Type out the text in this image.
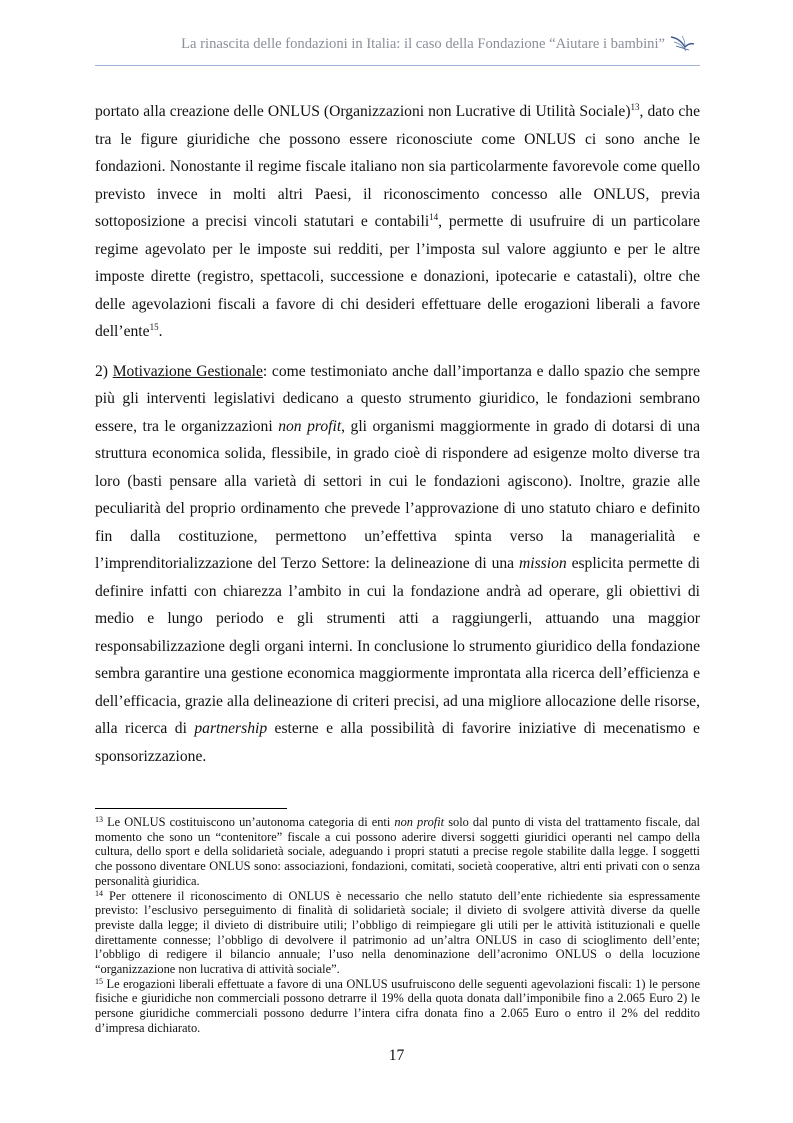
La rinascita delle fondazioni in Italia: il caso della Fondazione “Aiutare i bambini”

portato alla creazione delle ONLUS (Organizzazioni non Lucrative di Utilità Sociale)$^{13}$, dato che tra le figure giuridiche che possono essere riconosciute come ONLUS ci sono anche le fondazioni. Nonostante il regime fiscale italiano non sia particolarmente favorevole come quello previsto invece in molti altri Paesi, il riconoscimento concesso alle ONLUS, previa sottoposizione a precisi vincoli statutari e contabili$^{14}$, permette di usufruire di un particolare regime agevolato per le imposte sui redditi, per l’imposta sul valore aggiunto e per le altre imposte dirette (registro, spettacoli, successione e donazioni, ipotecarie e catastali), oltre che delle agevolazioni fiscali a favore di chi desideri effettuare delle erogazioni liberali a favore dell’ente$^{15}$.

2) Motivazione Gestionale: come testimoniato anche dall’importanza e dallo spazio che sempre più gli interventi legislativi dedicano a questo strumento giuridico, le fondazioni sembrano essere, tra le organizzazioni non profit, gli organismi maggiormente in grado di dotarsi di una struttura economica solida, flessibile, in grado cioè di rispondere ad esigenze molto diverse tra loro (basti pensare alla varietà di settori in cui le fondazioni agiscono). Inoltre, grazie alle peculiarità del proprio ordinamento che prevede l’approvazione di uno statuto chiaro e definito fin dalla costituzione, permettono un’effettiva spinta verso la managerialità e l’imprenditorializzazione del Terzo Settore: la delineazione di una mission esplicita permette di definire infatti con chiarezza l’ambito in cui la fondazione andrà ad operare, gli obiettivi di medio e lungo periodo e gli strumenti atti a raggiungerli, attuando una maggior responsabilizzazione degli organi interni. In conclusione lo strumento giuridico della fondazione sembra garantire una gestione economica maggiormente improntata alla ricerca dell’efficienza e dell’efficacia, grazie alla delineazione di criteri precisi, ad una migliore allocazione delle risorse, alla ricerca di partnership esterne e alla possibilità di favorire iniziative di mecenatismo e sponsorizzazione.

$^{13}$ Le ONLUS costituiscono un’autonoma categoria di enti non profit solo dal punto di vista del trattamento fiscale, dal momento che sono un “contenitore” fiscale a cui possono aderire diversi soggetti giuridici operanti nel campo della cultura, dello sport e della solidarietà sociale, adeguando i propri statuti a precise regole stabilite dalla legge. I soggetti che possono diventare ONLUS sono: associazioni, fondazioni, comitati, società cooperative, altri enti privati con o senza personalità giuridica.

$^{14}$ Per ottenere il riconoscimento di ONLUS è necessario che nello statuto dell’ente richiedente sia espressamente previsto: l’esclusivo perseguimento di finalità di solidarietà sociale; il divieto di svolgere attività diverse da quelle previste dalla legge; il divieto di distribuire utili; l’obbligo di reimpiegare gli utili per le attività istituzionali e quelle direttamente connesse; l’obbligo di devolvere il patrimonio ad un’altra ONLUS in caso di scioglimento dell’ente; l’obbligo di redigere il bilancio annuale; l’uso nella denominazione dell’acronimo ONLUS o della locuzione “organizzazione non lucrativa di attività sociale”.

$^{15}$ Le erogazioni liberali effettuate a favore di una ONLUS usufruiscono delle seguenti agevolazioni fiscali: 1) le persone fisiche e giuridiche non commerciali possono detrarre il 19% della quota donata dall’imponibile fino a 2.065 Euro 2) le persone giuridiche commerciali possono dedurre l’intera cifra donata fino a 2.065 Euro o entro il 2% del reddito d’impresa dichiarato.

17
